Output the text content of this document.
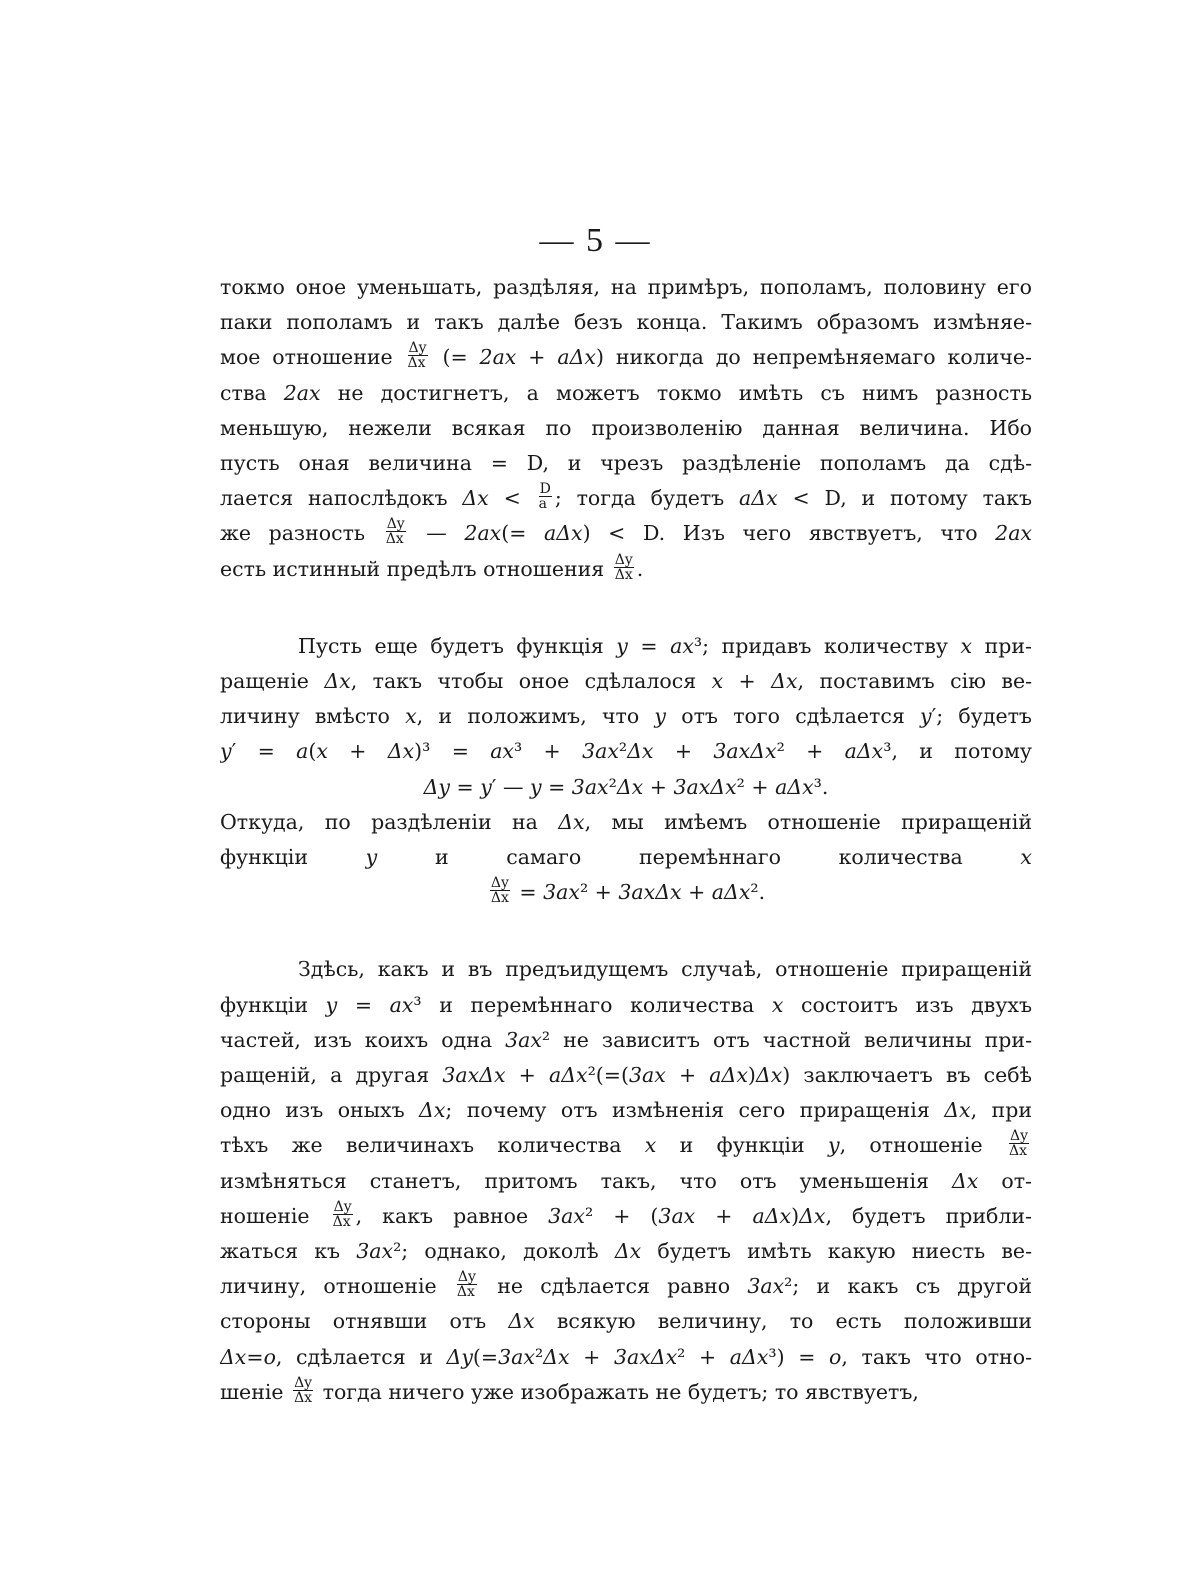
— 5 —
токмо оное уменьшать, раздѣляя, на примѣръ, пополамъ, половину его
паки пополамъ и такъ далѣе безъ конца. Такимъ образомъ измѣняе-
мое отношение $\frac{\Delta y}{\Delta x}$ (= 2ax + aΔx) никогда до непремѣняемаго количе-
ства 2ax не достигнетъ, а можетъ токмо имѣть съ нимъ разность
меньшую, нежели всякая по произволенію данная величина. Ибо
пусть оная величина = D, и чрезъ раздѣленіе пополамъ да сдѣ-
лается напослѣдокъ $\Delta x < \frac{D}{a}$ ; тогда будетъ aΔx < D, и потому такъ
же разность $\frac{\Delta y}{\Delta x}$ — 2ax(= aΔx) < D. Изъ чего явствуетъ, что 2ax
есть истинный предѣлъ отношения $\frac{\Delta y}{\Delta x}$ .
Пусть еще будетъ функція y = ax³; придавъ количеству x при-
ращеніе Δx, такъ чтобы оное сдѣлалося x + Δx, поставимъ сію ве-
личину вмѣсто x, и положимъ, что y отъ того сдѣлается y′; будетъ
y′ = a(x + Δx)³ = ax³ + 3ax²Δx + 3axΔx² + aΔx³, и потому
Δy = y′ — y = 3ax²Δx + 3axΔx² + aΔx³.
Откуда, по раздѣленіи на Δx, мы имѣемъ отношеніе приращеній
функціи y и самаго перемѣннаго количества x
$\frac{\Delta y}{\Delta x} = 3ax^2 + 3ax\Delta x + a\Delta x^2$.
Здѣсь, какъ и въ предъидущемъ случаѣ, отношеніе приращеній
функціи y = ax³ и перемѣннаго количества x состоитъ изъ двухъ
частей, изъ коихъ одна 3ax² не зависитъ отъ частной величины при-
ращеній, а другая 3axΔx + aΔx²(=(3ax + aΔx)Δx) заключаетъ въ себѣ
одно изъ оныхъ Δx; почему отъ измѣненія сего приращенія Δx, при
тѣхъ же величинахъ количества x и функціи y, отношеніе $\frac{\Delta y}{\Delta x}$
измѣняться станетъ, притомъ такъ, что отъ уменьшенія Δx от-
ношеніе $\frac{\Delta y}{\Delta x}$ , какъ равное 3ax² + (3ax + aΔx)Δx, будетъ прибли-
жаться къ 3ax²; однако, доколѣ Δx будетъ имѣть какую ниесть ве-
личину, отношеніе $\frac{\Delta y}{\Delta x}$ не сдѣлается равно 3ax²; и какъ съ другой
стороны отнявши отъ Δx всякую величину, то есть положивши
Δx=o, сдѣлается и Δy(=3ax²Δx + 3axΔx² + aΔx³) = o, такъ что отно-
шеніе $\frac{\Delta y}{\Delta x}$ тогда ничего уже изображать не будетъ; то явствуетъ,
